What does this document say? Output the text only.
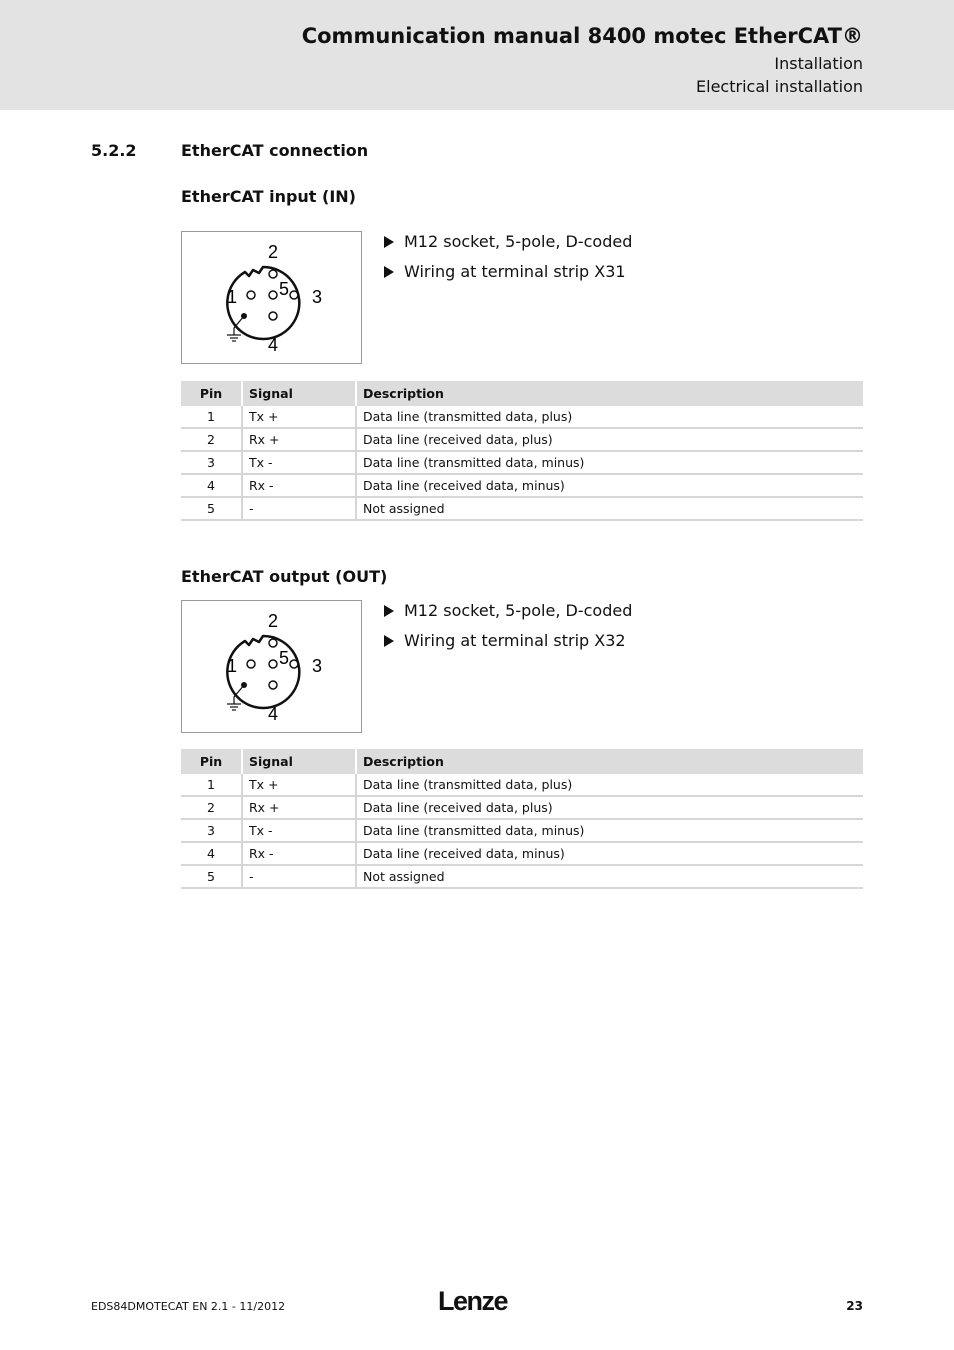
Communication manual 8400 motec EtherCAT®
Installation
Electrical installation
5.2.2	EtherCAT connection
EtherCAT input (IN)
1
2
3
4
5
M12 socket, 5-pole, D-coded
Wiring at terminal strip X31
Pin	Signal	Description
1	Tx +	Data line (transmitted data, plus)
2	Rx +	Data line (received data, plus)
3	Tx -	Data line (transmitted data, minus)
4	Rx -	Data line (received data, minus)
5	-	Not assigned
EtherCAT output (OUT)
1
2
3
4
5
M12 socket, 5-pole, D-coded
Wiring at terminal strip X32
Pin	Signal	Description
1	Tx +	Data line (transmitted data, plus)
2	Rx +	Data line (received data, plus)
3	Tx -	Data line (transmitted data, minus)
4	Rx -	Data line (received data, minus)
5	-	Not assigned
EDS84DMOTECAT EN 2.1 - 11/2012	Lenze	23
